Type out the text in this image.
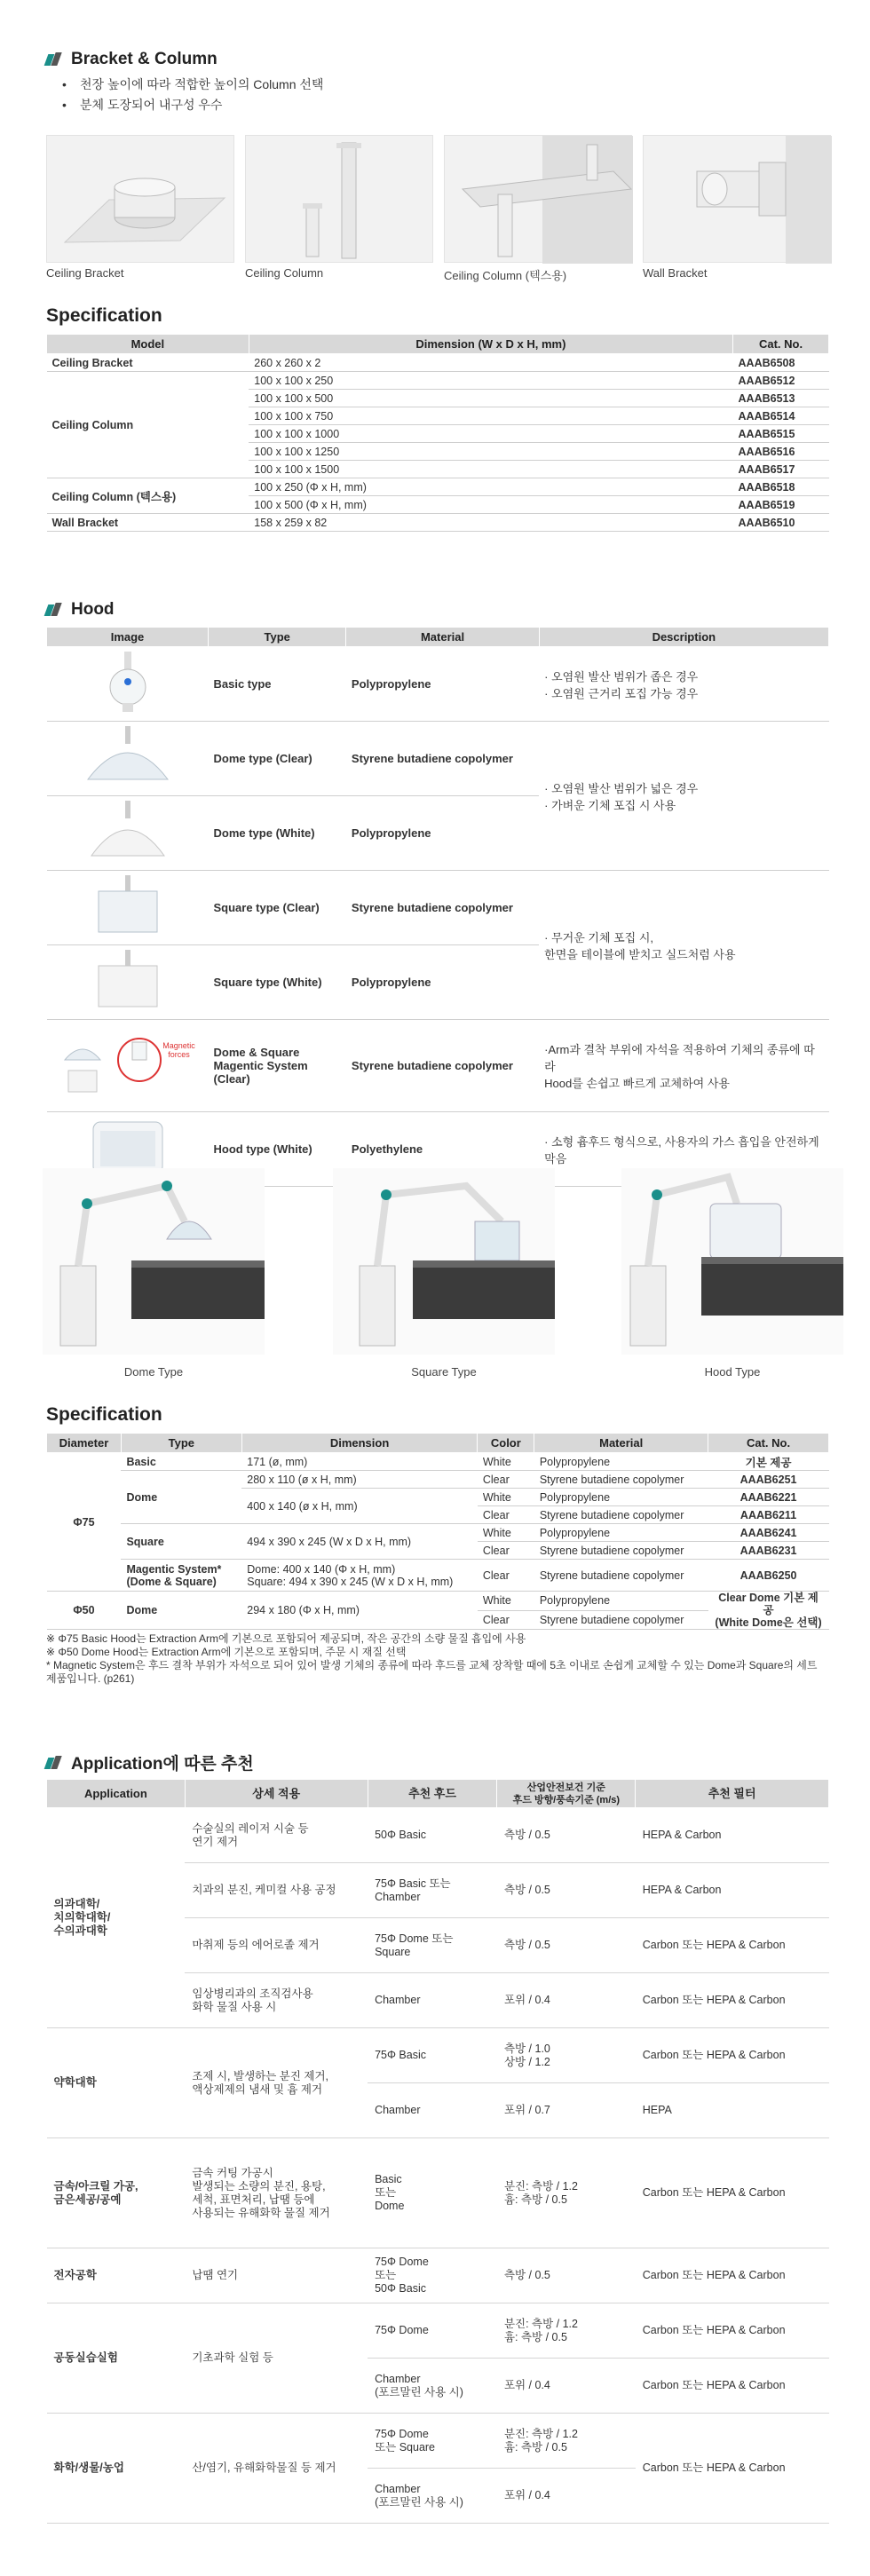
Bracket & Column
• 천장 높이에 따라 적합한 높이의 Column 선택
• 분체 도장되어 내구성 우수
Ceiling Bracket	Ceiling Column	Ceiling Column (텍스용)	Wall Bracket
Specification
Model	Dimension (W x D x H, mm)	Cat. No.
Ceiling Bracket	260 x 260 x 2	AAAB6508
Ceiling Column	100 x 100 x 250	AAAB6512
	100 x 100 x 500	AAAB6513
	100 x 100 x 750	AAAB6514
	100 x 100 x 1000	AAAB6515
	100 x 100 x 1250	AAAB6516
	100 x 100 x 1500	AAAB6517
Ceiling Column (텍스용)	100 x 250 (Φ x H, mm)	AAAB6518
	100 x 500 (Φ x H, mm)	AAAB6519
Wall Bracket	158 x 259 x 82	AAAB6510
Hood
Image	Type	Material	Description
	Basic type	Polypropylene	· 오염원 발산 범위가 좁은 경우
· 오염원 근거리 포집 가능 경우
	Dome type (Clear)	Styrene butadiene copolymer	· 오염원 발산 범위가 넓은 경우
· 가벼운 기체 포집 시 사용
	Dome type (White)	Polypropylene	
	Square type (Clear)	Styrene butadiene copolymer	· 무거운 기체 포집 시,
한면을 테이블에 받치고 실드처럼 사용
	Square type (White)	Polypropylene	

Magnetic forces	Dome & Square Magentic System (Clear)	Styrene butadiene copolymer	·Arm과 결착 부위에 자석을 적용하여 기체의 종류에 따라
Hood를 손쉽고 빠르게 교체하여 사용
	Hood type (White)	Polyethylene	· 소형 흄후드 형식으로, 사용자의 가스 흡입을 안전하게 막음
Dome Type	Square Type	Hood Type
Specification
Diameter	Type	Dimension	Color	Material	Cat. No.
Φ75	Basic	171 (ø, mm)	White	Polypropylene	기본 제공
	Dome	280 x 110 (ø x H, mm)	Clear	Styrene butadiene copolymer	AAAB6251
		400 x 140 (ø x H, mm)	White	Polypropylene	AAAB6221
			Clear	Styrene butadiene copolymer	AAAB6211
	Square	494 x 390 x 245 (W x D x H, mm)	White	Polypropylene	AAAB6241
			Clear	Styrene butadiene copolymer	AAAB6231
	Magentic System* (Dome & Square)	Dome: 400 x 140 (Φ x H, mm)
Square: 494 x 390 x 245 (W x D x H, mm)	Clear	Styrene butadiene copolymer	AAAB6250
Φ50	Dome	294 x 180 (Φ x H, mm)	White	Polypropylene	Clear Dome 기본 제공
(White Dome은 선택)
			Clear	Styrene butadiene copolymer	
※ Φ75 Basic Hood는 Extraction Arm에 기본으로 포함되어 제공되며, 작은 공간의 소량 물질 흡입에 사용
※ Φ50 Dome Hood는 Extraction Arm에 기본으로 포함되며, 주문 시 재질 선택
* Magnetic System은 후드 결착 부위가 자석으로 되어 있어 발생 기체의 종류에 따라 후드를 교체 장착할 때에 5초 이내로 손쉽게 교체할 수 있는 Dome과 Square의 세트 제품입니다. (p261)
Application에 따른 추천
Application	상세 적용	추천 후드	산업안전보건 기준
후드 방향/풍속기준 (m/s)	추천 필터
의과대학/
치의학대학/
수의과대학	수술실의 레이저 시술 등
연기 제거	50Φ Basic	측방 / 0.5	HEPA & Carbon
	치과의 분진, 케미컬 사용 공정	75Φ Basic 또는
Chamber	측방 / 0.5	HEPA & Carbon
	마취제 등의 에어로졸 제거	75Φ Dome 또는
Square	측방 / 0.5	Carbon 또는 HEPA & Carbon
	임상병리과의 조직검사용
화학 물질 사용 시	Chamber	포위 / 0.4	Carbon 또는 HEPA & Carbon
약학대학	조제 시, 발생하는 분진 제거,
액상제제의 냄새 및 흄 제거	75Φ Basic	측방 / 1.0
상방 / 1.2	Carbon 또는 HEPA & Carbon
		Chamber	포위 / 0.7	HEPA
금속/아크릴 가공,
금은세공/공예	금속 커팅 가공시
발생되는 소량의 분진, 용탕,
세척, 표면처리, 납땜 등에
사용되는 유해화학 물질 제거	Basic
또는
Dome	분진: 측방 / 1.2
흄: 측방 / 0.5	Carbon 또는 HEPA & Carbon
전자공학	납땜 연기	75Φ Dome
또는
50Φ Basic	측방 / 0.5	Carbon 또는 HEPA & Carbon
공동실습실험	기초과학 실험 등	75Φ Dome	분진: 측방 / 1.2
흄: 측방 / 0.5	Carbon 또는 HEPA & Carbon
		Chamber
(포르말린 사용 시)	포위 / 0.4	Carbon 또는 HEPA & Carbon
화학/생물/농업	산/염기, 유해화학물질 등 제거	75Φ Dome
또는 Square	분진: 측방 / 1.2
흄: 측방 / 0.5	Carbon 또는 HEPA & Carbon
		Chamber
(포르말린 사용 시)	포위 / 0.4	
